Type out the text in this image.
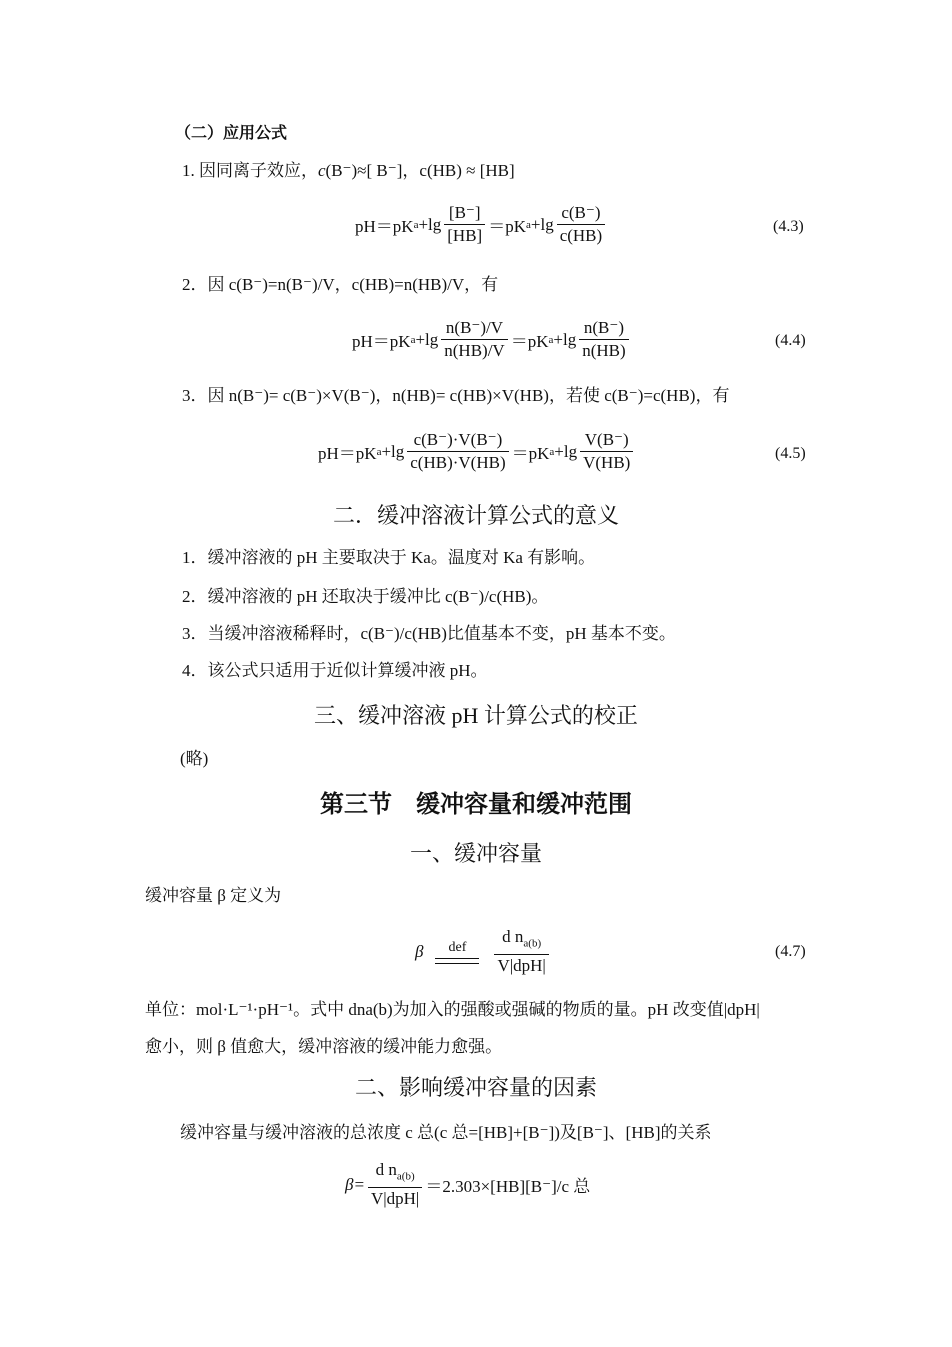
（二）应用公式
1. 因同离子效应，c(B⁻)≈[ B⁻]，c(HB) ≈ [HB]
pH＝pK $a +\lg \frac{[B^-]}{[HB]} =pK$ $a +\lg \frac{c(B^-)}{c(HB)}$	(4.3)
2．因 c(B⁻)=n(B⁻)/V，c(HB)=n(HB)/V，有
pH＝pK $a +\lg \frac{n(B^-)/V}{n(HB)/V} =pK$ $a +\lg \frac{n(B^-)}{n(HB)}$	(4.4)
3．因 n(B⁻)= c(B⁻)×V(B⁻)，n(HB)= c(HB)×V(HB)，若使 c(B⁻)=c(HB)，有
pH＝pK $a +\lg \frac{c(B^-)\cdot V(B^-)}{c(HB)\cdot V(HB)} =pK$ $a +\lg \frac{V(B^-)}{V(HB)}$	(4.5)
二．缓冲溶液计算公式的意义
1．缓冲溶液的 pH 主要取决于 Ka。温度对 Ka 有影响。
2．缓冲溶液的 pH 还取决于缓冲比 c(B⁻)/c(HB)。
3．当缓冲溶液稀释时，c(B⁻)/c(HB)比值基本不变，pH 基本不变。
4．该公式只适用于近似计算缓冲液 pH。
三、缓冲溶液 pH 计算公式的校正
(略)
第三节　缓冲容量和缓冲范围
一、缓冲容量
缓冲容量 β 定义为
β def $\frac{d n_{a(b)}}{\text{V|dpH|}}$	(4.7)
单位：mol·L⁻¹·pH⁻¹。式中 dna(b)为加入的强酸或强碱的物质的量。pH 改变值|dpH|
愈小，则 β 值愈大，缓冲溶液的缓冲能力愈强。
二、影响缓冲容量的因素
缓冲容量与缓冲溶液的总浓度 c 总(c 总=[HB]+[B⁻])及[B⁻]、[HB]的关系
$\beta= \frac{d n_{a(b)}}{\text{V|dpH|}} =2.303\times[HB][B^-]/c$ 总
